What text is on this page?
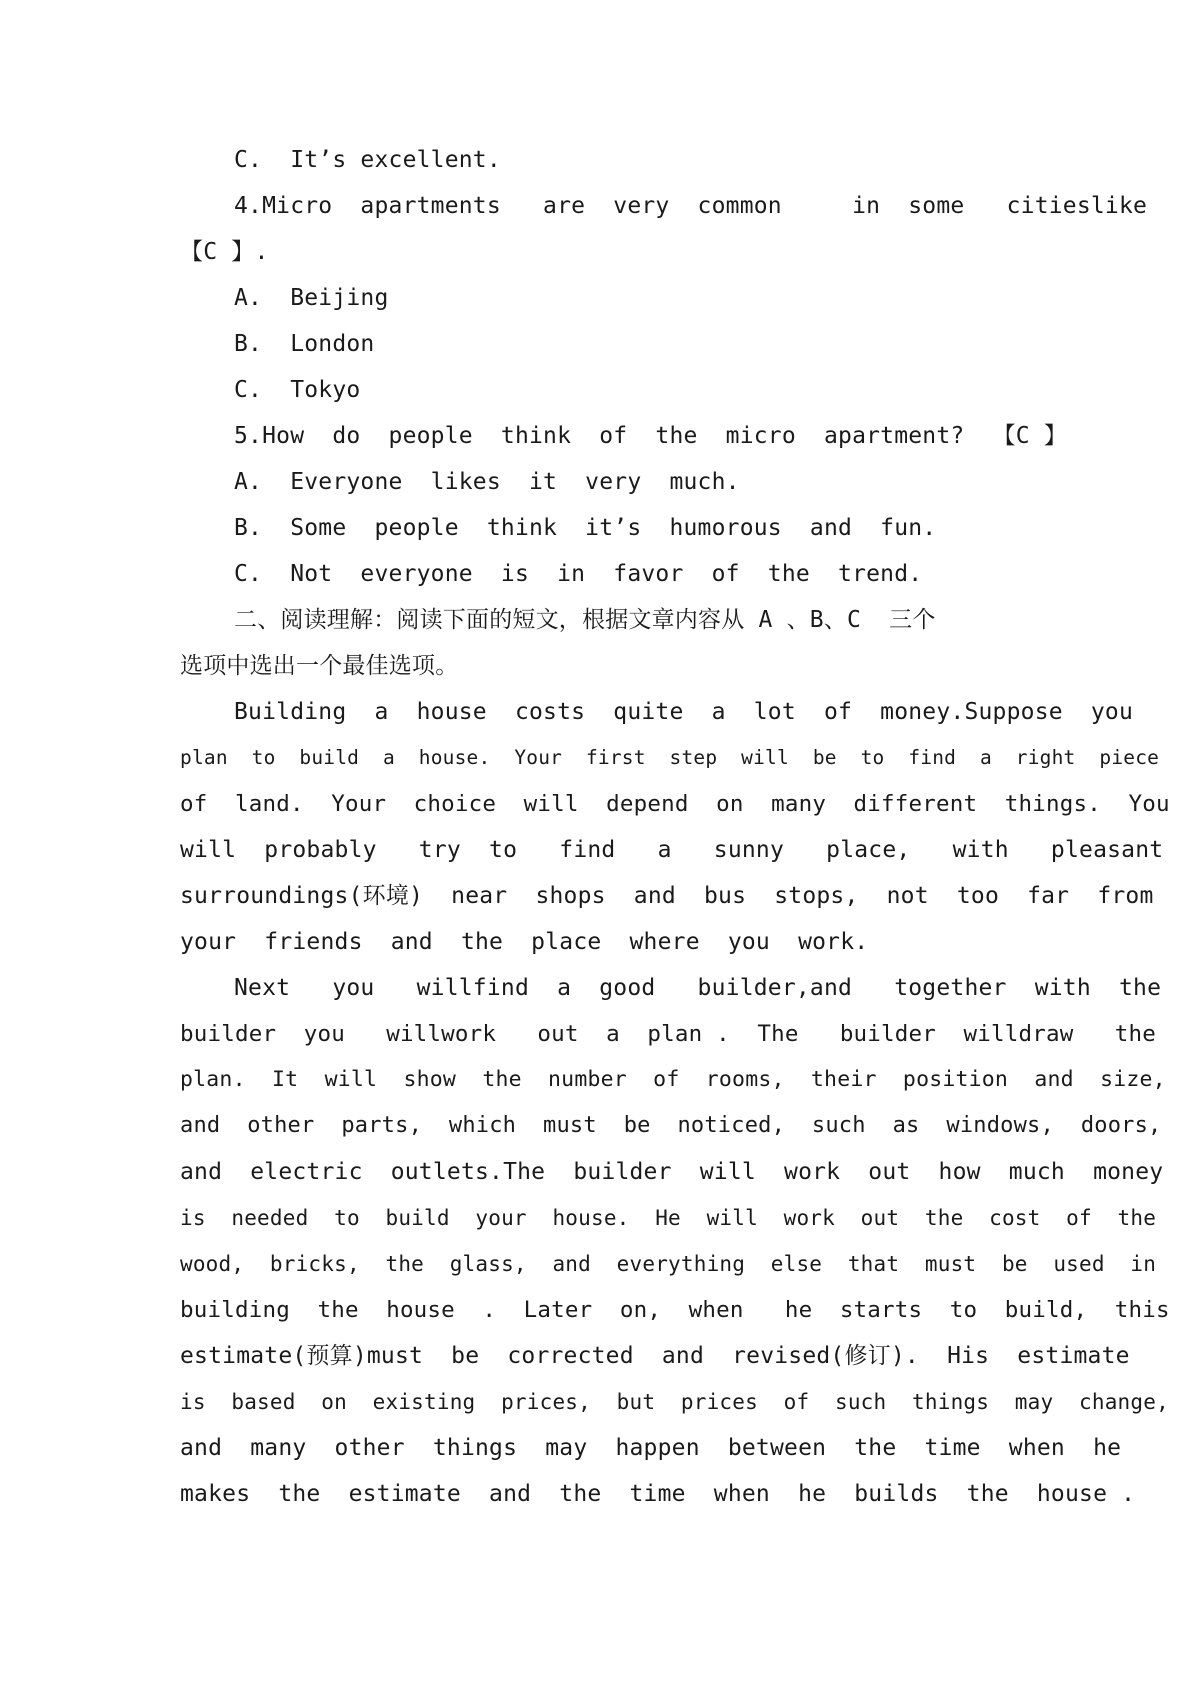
C.  It’s excellent.
4.Micro  apartments   are  very  common     in  some   citieslike
【C 】.
A.  Beijing
B.  London
C.  Tokyo
5.How  do  people  think  of  the  micro  apartment?  【C 】
A.  Everyone  likes  it  very  much.
B.  Some  people  think  it’s  humorous  and  fun.
C.  Not  everyone  is  in  favor  of  the  trend.
二、阅读理解：阅读下面的短文，根据文章内容从 A 、B、C  三个
选项中选出一个最佳选项。
Building  a  house  costs  quite  a  lot  of  money.Suppose  you
plan  to  build  a  house.  Your  first  step  will  be  to  find  a  right  piece
of  land.  Your  choice  will  depend  on  many  different  things.  You
will  probably   try  to   find   a   sunny   place,   with   pleasant
surroundings(环境)  near  shops  and  bus  stops,  not  too  far  from
your  friends  and  the  place  where  you  work.
Next   you   willfind  a  good   builder,and   together  with  the
builder  you   willwork   out  a  plan .  The   builder  willdraw   the
plan.  It  will  show  the  number  of  rooms,  their  position  and  size,
and  other  parts,  which  must  be  noticed,  such  as  windows,  doors,
and  electric  outlets.The  builder  will  work  out  how  much  money
is  needed  to  build  your  house.  He  will  work  out  the  cost  of  the
wood,  bricks,  the  glass,  and  everything  else  that  must  be  used  in
building  the  house  .  Later  on,  when   he  starts  to  build,  this
estimate(预算)must  be  corrected  and  revised(修订).  His  estimate
is  based  on  existing  prices,  but  prices  of  such  things  may  change,
and  many  other  things  may  happen  between  the  time  when  he
makes  the  estimate  and  the  time  when  he  builds  the  house .
